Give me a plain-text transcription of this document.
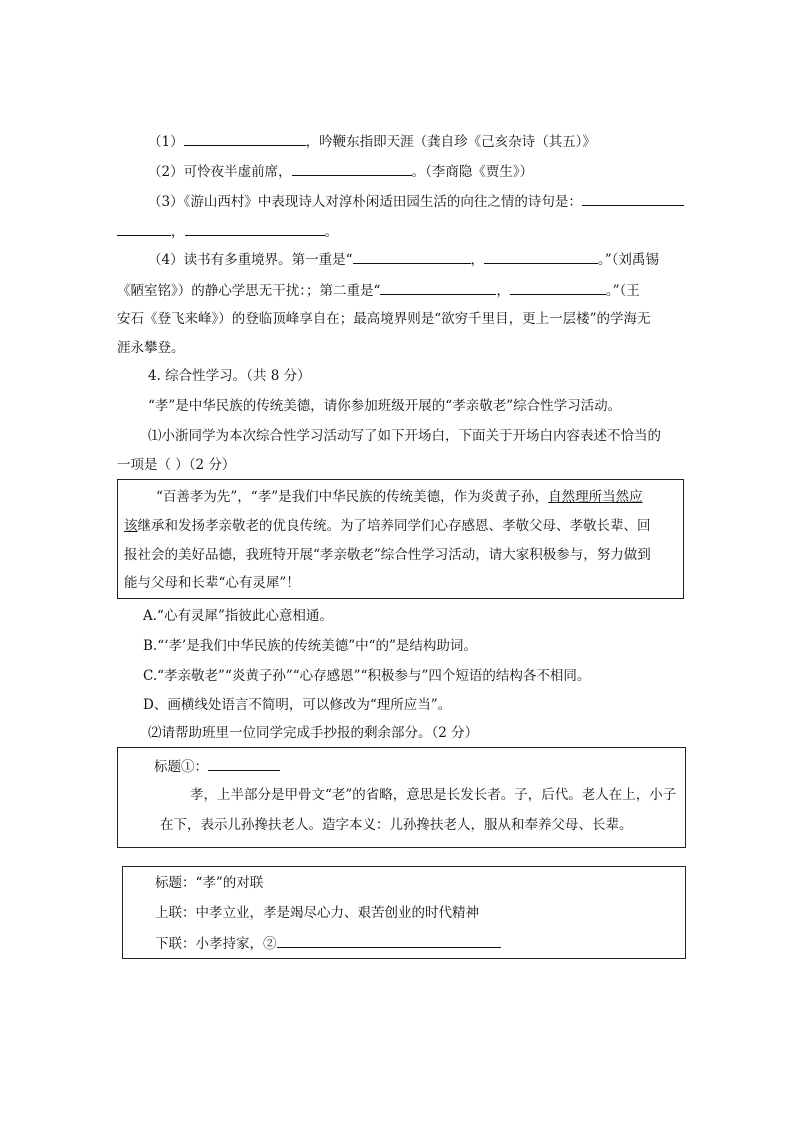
（1）	，吟鞭东指即天涯（龚自珍《己亥杂诗（其五）》
（2）可怜夜半虚前席，	。（李商隐《贾生》）
（3）《游山西村》中表现诗人对淳朴闲适田园生活的向往之情的诗句是：
，	。
（4）读书有多重境界。第一重是“	，	。”（刘禹锡
《陋室铭》）的静心学思无干扰：；第二重是“	，	。”（王
安石《登飞来峰》）的登临顶峰享自在；最高境界则是“欲穷千里目，更上一层楼”的学海无
涯永攀登。
4. 综合性学习。（共 8 分）
“孝”是中华民族的传统美德，请你参加班级开展的“孝亲敬老”综合性学习活动。
⑴小浙同学为本次综合性学习活动写了如下开场白，下面关于开场白内容表述不恰当的
一项是（ ）（2 分）
“百善孝为先”，“孝”是我们中华民族的传统美德，作为炎黄子孙，自然理所当然应
该继承和发扬孝亲敬老的优良传统。为了培养同学们心存感恩、孝敬父母、孝敬长辈、回
报社会的美好品德，我班特开展“孝亲敬老”综合性学习活动，请大家积极参与，努力做到
能与父母和长辈“心有灵犀”！
A.“心有灵犀”指彼此心意相通。
B.“‘孝’是我们中华民族的传统美德”中“的”是结构助词。
C.“孝亲敬老”“炎黄子孙”“心存感恩”“积极参与”四个短语的结构各不相同。
D、画横线处语言不简明，可以修改为“理所应当”。
⑵请帮助班里一位同学完成手抄报的剩余部分。（2 分）
标题①：
孝，上半部分是甲骨文“老”的省略，意思是长发长者。子，后代。老人在上，小子
在下，表示儿孙搀扶老人。造字本义：儿孙搀扶老人，服从和奉养父母、长辈。
标题：“孝”的对联
上联：中孝立业，孝是竭尽心力、艰苦创业的时代精神
下联：小孝持家，②
